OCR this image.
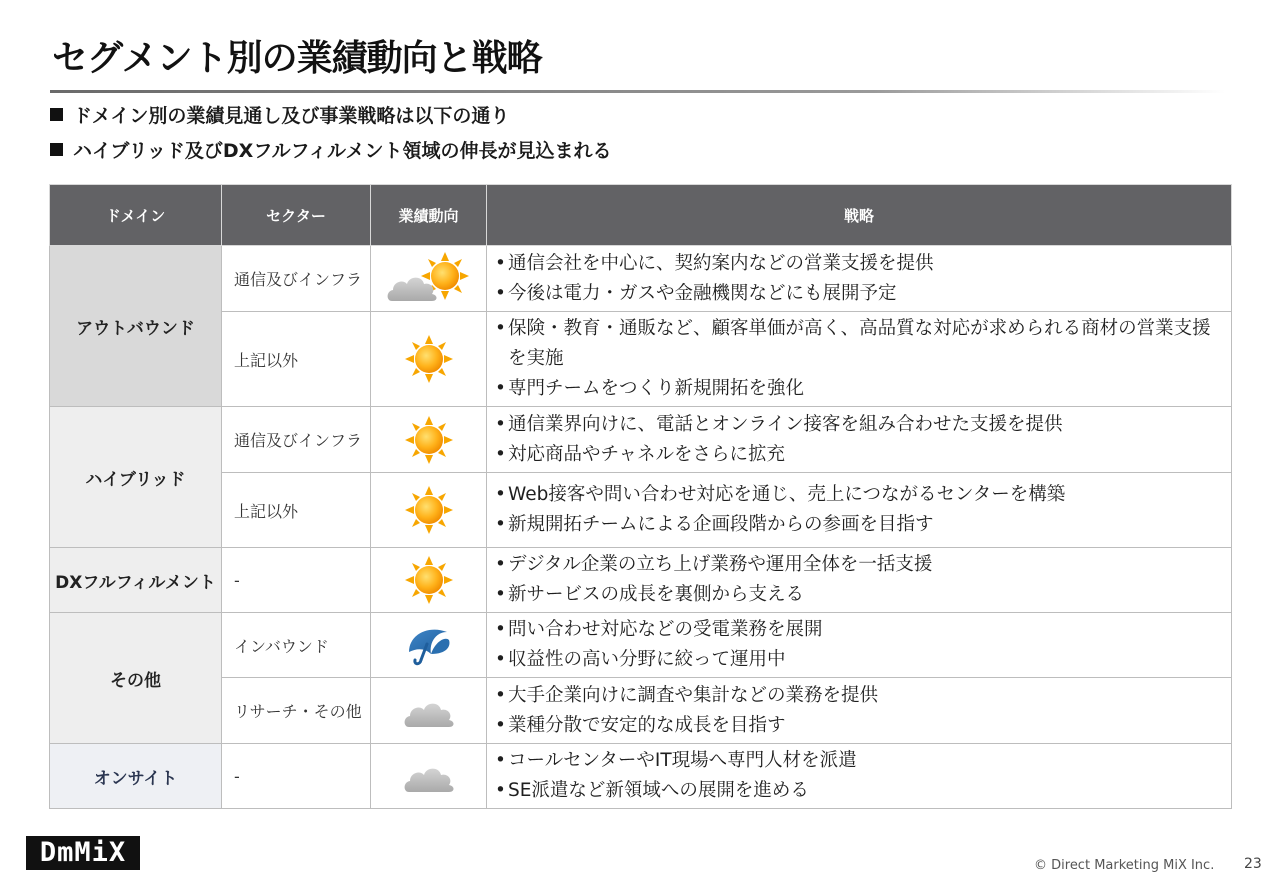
セグメント別の業績動向と戦略
ドメイン別の業績見通し及び事業戦略は以下の通り
ハイブリッド及びDXフルフィルメント領域の伸長が見込まれる
ドメイン	セクター	業績動向	戦略
アウトバウンド	通信及びインフラ		• 通信会社を中心に、契約案内などの営業支援を提供
• 今後は電力・ガスや金融機関などにも展開予定

	上記以外		• 保険・教育・通販など、顧客単価が高く、高品質な対応が求められる商材の営業支援を実施
• 専門チームをつくり新規開拓を強化

ハイブリッド	通信及びインフラ		• 通信業界向けに、電話とオンライン接客を組み合わせた支援を提供
• 対応商品やチャネルをさらに拡充

	上記以外		• Web接客や問い合わせ対応を通じ、売上につながるセンターを構築
• 新規開拓チームによる企画段階からの参画を目指す

DXフルフィルメント	-		• デジタル企業の立ち上げ業務や運用全体を一括支援
• 新サービスの成長を裏側から支える

その他	インバウンド		• 問い合わせ対応などの受電業務を展開
• 収益性の高い分野に絞って運用中

	リサーチ・その他		• 大手企業向けに調査や集計などの業務を提供
• 業種分散で安定的な成長を目指す

オンサイト	-		• コールセンターやIT現場へ専門人材を派遣
• SE派遣など新領域への展開を進める
DmMiX	© Direct Marketing MiX Inc. 23
